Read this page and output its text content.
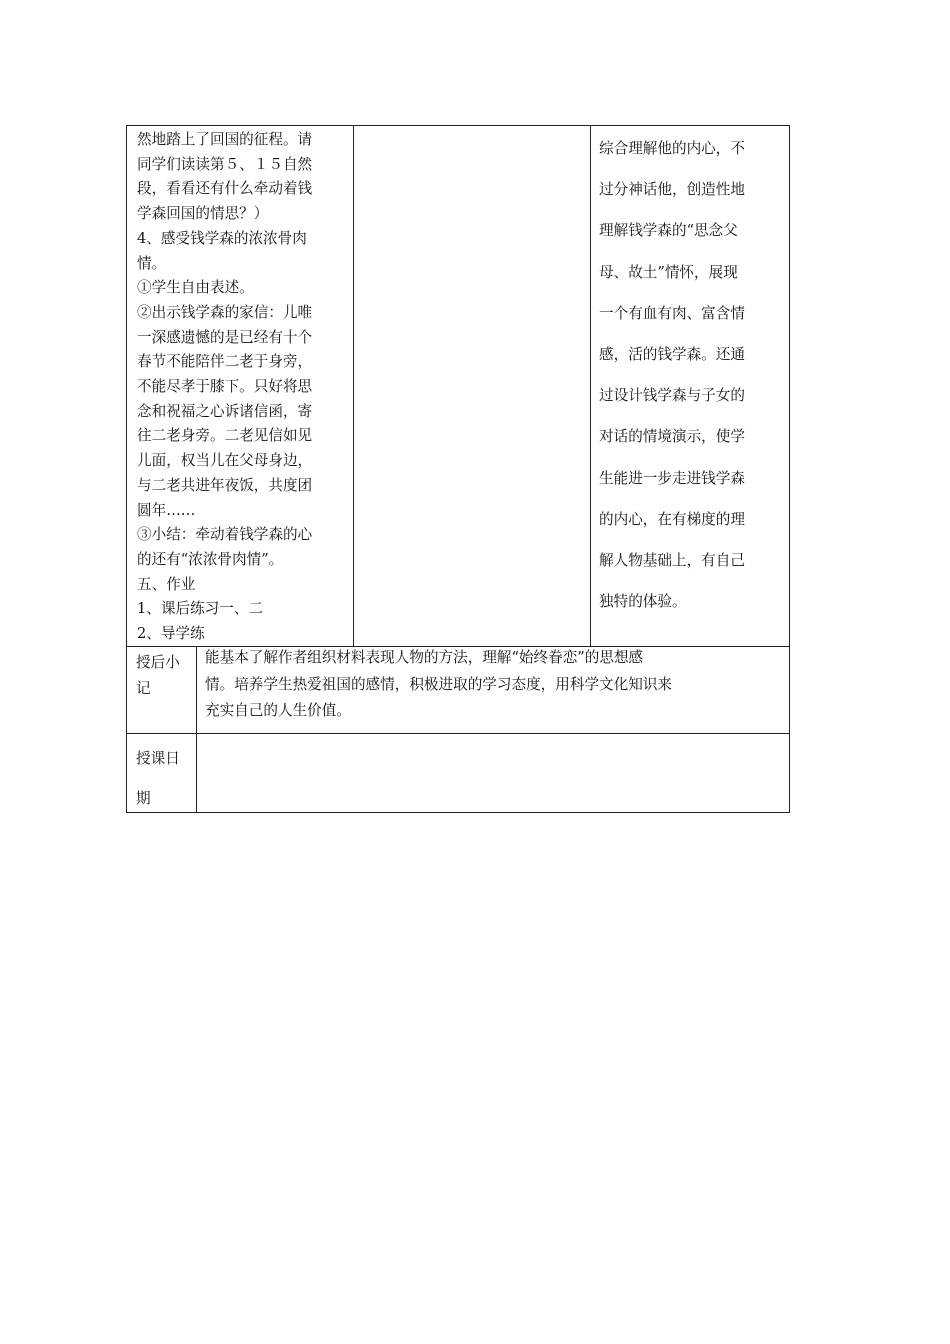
然地踏上了回国的征程。请
同学们读读第５、１５自然
段，看看还有什么牵动着钱
学森回国的情思？）
4、感受钱学森的浓浓骨肉
情。
①学生自由表述。
②出示钱学森的家信：儿唯
一深感遗憾的是已经有十个
春节不能陪伴二老于身旁，
不能尽孝于膝下。只好将思
念和祝福之心诉诸信函，寄
往二老身旁。二老见信如见
儿面，权当儿在父母身边，
与二老共进年夜饭，共度团
圆年……
③小结：牵动着钱学森的心
的还有“浓浓骨肉情”。
五、作业
1、课后练习一、二
2、导学练
综合理解他的内心，不
过分神话他，创造性地
理解钱学森的“思念父
母、故土”情怀，展现
一个有血有肉、富含情
感，活的钱学森。还通
过设计钱学森与子女的
对话的情境演示，使学
生能进一步走进钱学森
的内心，在有梯度的理
解人物基础上，有自己
独特的体验。
授后小
记
能基本了解作者组织材料表现人物的方法，理解“始终眷恋”的思想感
情。培养学生热爱祖国的感情，积极进取的学习态度，用科学文化知识来
充实自己的人生价值。
授课日
期
